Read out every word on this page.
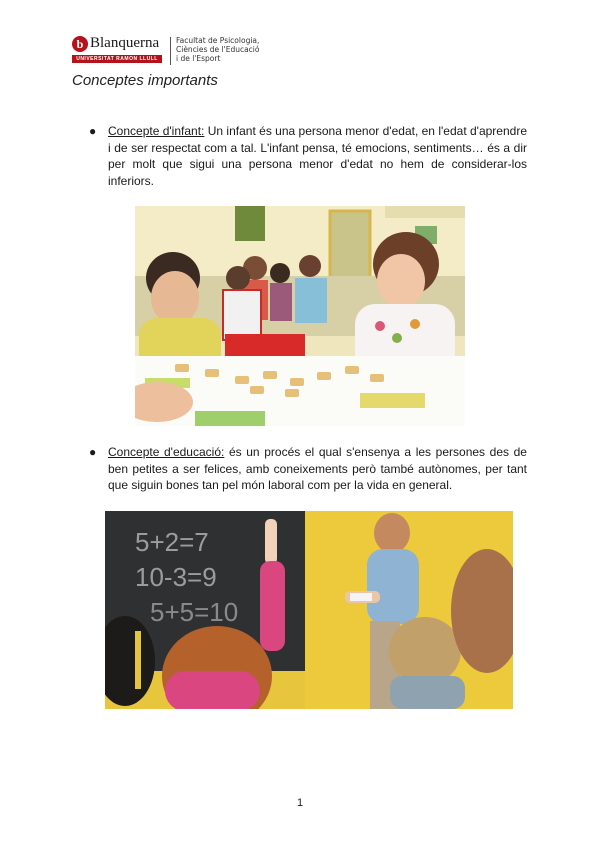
b Blanquerna
UNIVERSITAT RAMON LLULL
Facultat de Psicologia,
Ciències de l'Educació
i de l'Esport
Conceptes importants
● Concepte d'infant: Un infant és una persona menor d'edat, en l'edat d'aprendre i de ser respectat com a tal. L'infant pensa, té emocions, sentiments… és a dir per molt que sigui una persona menor d'edat no hem de considerar-los inferiors.

● Concepte d'educació: és un procés el qual s'ensenya a les persones des de ben petites a ser felices, amb coneixements però també autònomes, per tant que siguin bones tan pel món laboral com per la vida en general.

5+2=7
10-3=9
5+5=10
1
